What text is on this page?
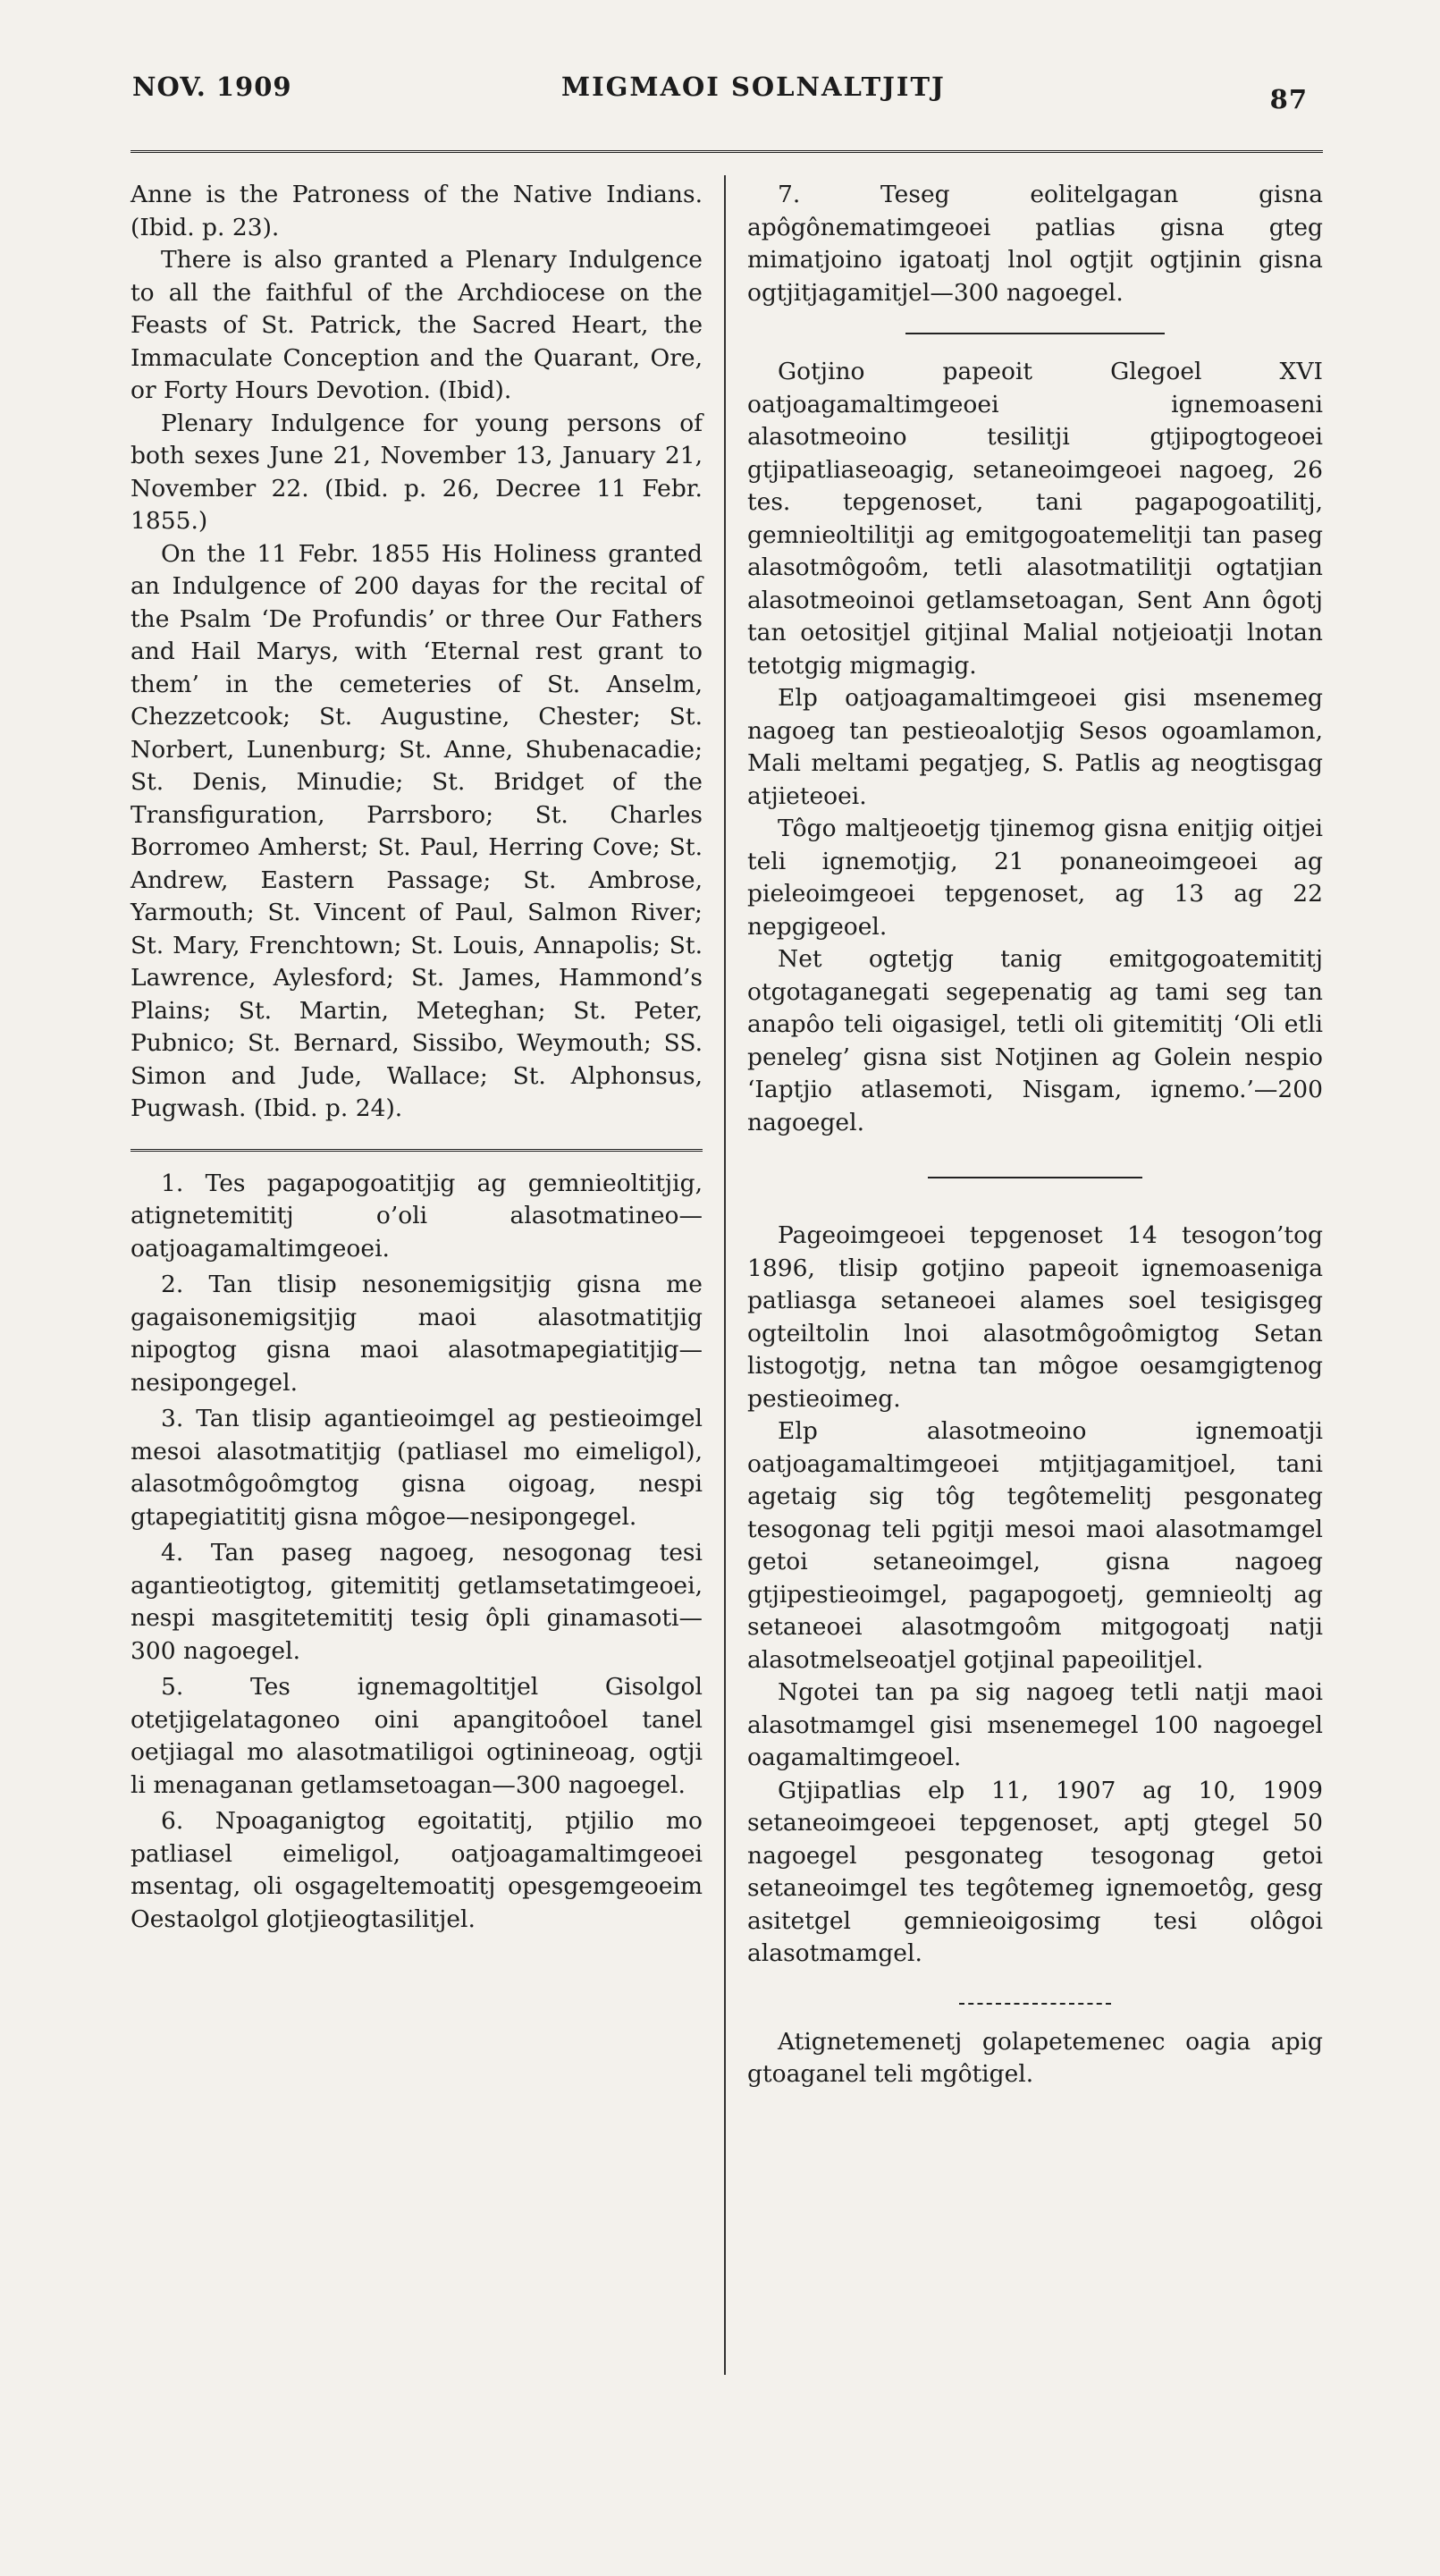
NOV. 1909	MIGMAOI SOLNALTJITJ	87

Anne is the Patroness of the Native Indians. (Ibid. p. 23).

There is also granted a Plenary Indulgence to all the faithful of the Archdiocese on the Feasts of St. Patrick, the Sacred Heart, the Immaculate Conception and the Quarant, Ore, or Forty Hours Devotion. (Ibid).

Plenary Indulgence for young persons of both sexes June 21, November 13, January 21, November 22. (Ibid. p. 26, Decree 11 Febr. 1855.)

On the 11 Febr. 1855 His Holiness granted an Indulgence of 200 dayas for the recital of the Psalm ‘De Profundis’ or three Our Fathers and Hail Marys, with ‘Eternal rest grant to them’ in the cemeteries of St. Anselm, Chezzetcook; St. Augustine, Chester; St. Norbert, Lunenburg; St. Anne, Shubenacadie; St. Denis, Minudie; St. Bridget of the Transfiguration, Parrsboro; St. Charles Borromeo Amherst; St. Paul, Herring Cove; St. Andrew, Eastern Passage; St. Ambrose, Yarmouth; St. Vincent of Paul, Salmon River; St. Mary, Frenchtown; St. Louis, Annapolis; St. Lawrence, Aylesford; St. James, Hammond’s Plains; St. Martin, Meteghan; St. Peter, Pubnico; St. Bernard, Sissibo, Weymouth; SS. Simon and Jude, Wallace; St. Alphonsus, Pugwash. (Ibid. p. 24).

1. Tes pagapogoatitjig ag gemnieoltitjig, atignetemititj o’oli alasotmatineo—oatjoagamaltimgeoei.

2. Tan tlisip nesonemigsitjig gisna me gagaisonemigsitjig maoi alasotmatitjig nipogtog gisna maoi alasotmapegiatitjig—nesipongegel.

3. Tan tlisip agantieoimgel ag pestieoimgel mesoi alasotmatitjig (patliasel mo eimeligol), alasotmôgoômgtog gisna oigoag, nespi gtapegiatititj gisna môgoe—nesipongegel.

4. Tan paseg nagoeg, nesogonag tesi agantieotigtog, gitemititj getlamsetatimgeoei, nespi masgitetemititj tesig ôpli ginamasoti—300 nagoegel.

5. Tes ignemagoltitjel Gisolgol otetjigelatagoneo oini apangitoôoel tanel oetjiagal mo alasotmatiligoi ogtinineoag, ogtji li menaganan getlamsetoagan—300 nagoegel.

6. Npoaganigtog egoitatitj, ptjilio mo patliasel eimeligol, oatjoagamaltimgeoei msentag, oli osgageltemoatitj opesgemgeoeim Oestaolgol glotjieogtasilitjel.

7. Teseg eolitelgagan gisna apôgônematimgeoei patlias gisna gteg mimatjoino igatoatj lnol ogtjit ogtjinin gisna ogtjitjagamitjel—300 nagoegel.

Gotjino papeoit Glegoel XVI oatjoagamaltimgeoei ignemoaseni alasotmeoino tesilitji gtjipogtogeoei gtjipatliaseoagig, setaneoimgeoei nagoeg, 26 tes. tepgenoset, tani pagapogoatilitj, gemnieoltilitji ag emitgogoatemelitji tan paseg alasotmôgoôm, tetli alasotmatilitji ogtatjian alasotmeoinoi getlamsetoagan, Sent Ann ôgotj tan oetositjel gitjinal Malial notjeioatji lnotan tetotgig migmagig.

Elp oatjoagamaltimgeoei gisi msenemeg nagoeg tan pestieoalotjig Sesos ogoamlamon, Mali meltami pegatjeg, S. Patlis ag neogtisgag atjieteoei.

Tôgo maltjeoetjg tjinemog gisna enitjig oitjei teli ignemotjig, 21 ponaneoimgeoei ag pieleoimgeoei tepgenoset, ag 13 ag 22 nepgigeoel.

Net ogtetjg tanig emitgogoatemititj otgotaganegati segepenatig ag tami seg tan anapôo teli oigasigel, tetli oli gitemititj ‘Oli etli peneleg’ gisna sist Notjinen ag Golein nespio ‘Iaptjio atlasemoti, Nisgam, ignemo.’—200 nagoegel.

Pageoimgeoei tepgenoset 14 tesogon’tog 1896, tlisip gotjino papeoit ignemoaseniga patliasga setaneoei alames soel tesigisgeg ogteiltolin lnoi alasotmôgoômigtog Setan listogotjg, netna tan môgoe oesamgigtenog pestieoimeg.

Elp alasotmeoino ignemoatji oatjoagamaltimgeoei mtjitjagamitjoel, tani agetaig sig tôg tegôtemelitj pesgonateg tesogonag teli pgitji mesoi maoi alasotmamgel getoi setaneoimgel, gisna nagoeg gtjipestieoimgel, pagapogoetj, gemnieoltj ag setaneoei alasotmgoôm mitgogoatj natji alasotmelseoatjel gotjinal papeoilitjel.

Ngotei tan pa sig nagoeg tetli natji maoi alasotmamgel gisi msenemegel 100 nagoegel oagamaltimgeoel.

Gtjipatlias elp 11, 1907 ag 10, 1909 setaneoimgeoei tepgenoset, aptj gtegel 50 nagoegel pesgonateg tesogonag getoi setaneoimgel tes tegôtemeg ignemoetôg, gesg asitetgel gemnieoigosimg tesi olôgoi alasotmamgel.

Atignetemenetj golapetemenec oagia apig gtoaganel teli mgôtigel.
